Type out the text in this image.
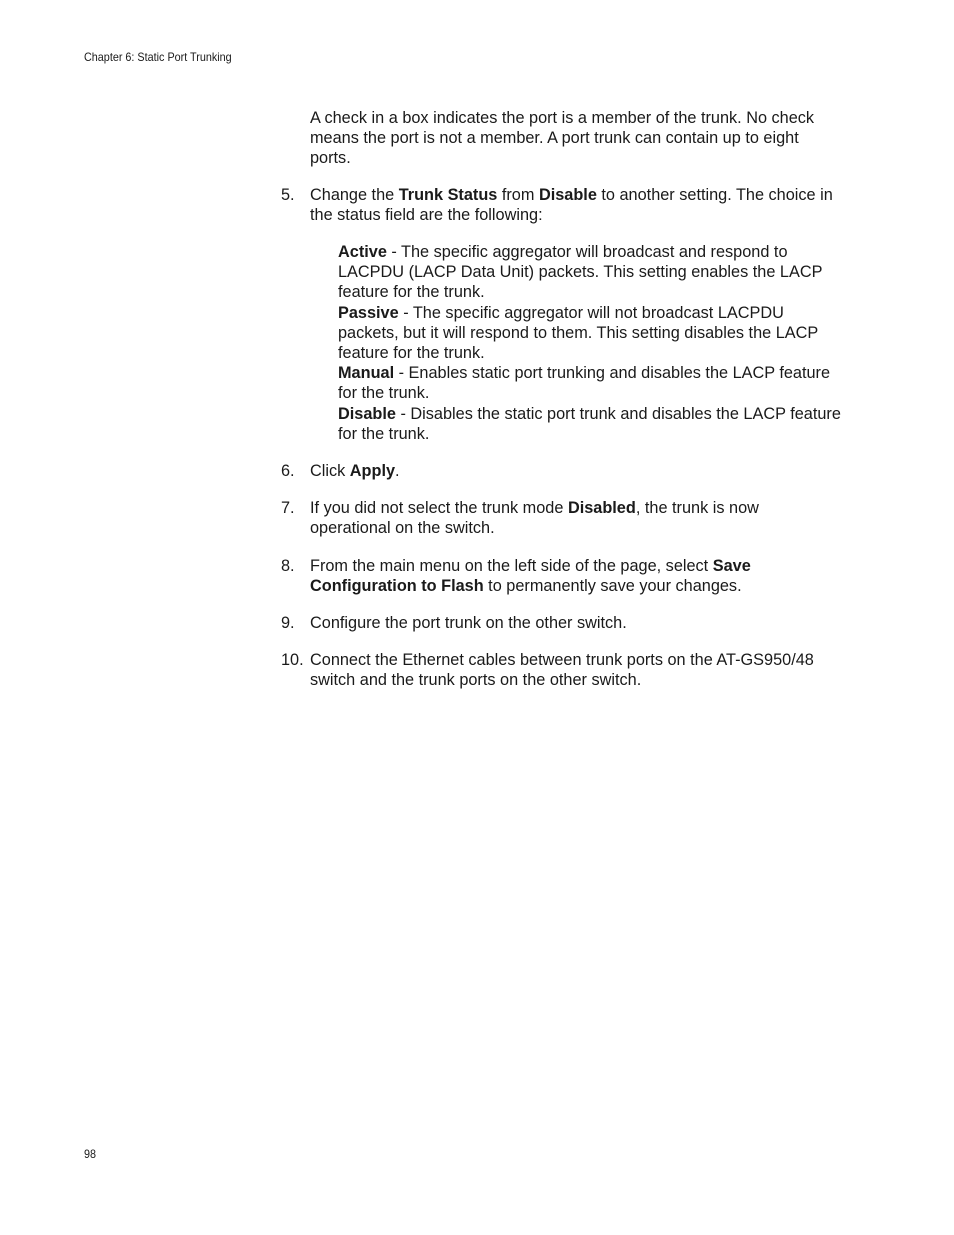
Chapter 6: Static Port Trunking

A check in a box indicates the port is a member of the trunk. No check means the port is not a member. A port trunk can contain up to eight ports.

5. Change the Trunk Status from Disable to another setting. The choice in the status field are the following:

Active - The specific aggregator will broadcast and respond to LACPDU (LACP Data Unit) packets. This setting enables the LACP feature for the trunk.

Passive - The specific aggregator will not broadcast LACPDU packets, but it will respond to them. This setting disables the LACP feature for the trunk.

Manual - Enables static port trunking and disables the LACP feature for the trunk.

Disable - Disables the static port trunk and disables the LACP feature for the trunk.

6. Click Apply.

7. If you did not select the trunk mode Disabled, the trunk is now operational on the switch.

8. From the main menu on the left side of the page, select Save Configuration to Flash to permanently save your changes.

9. Configure the port trunk on the other switch.

10. Connect the Ethernet cables between trunk ports on the AT-GS950/48 switch and the trunk ports on the other switch.

98
